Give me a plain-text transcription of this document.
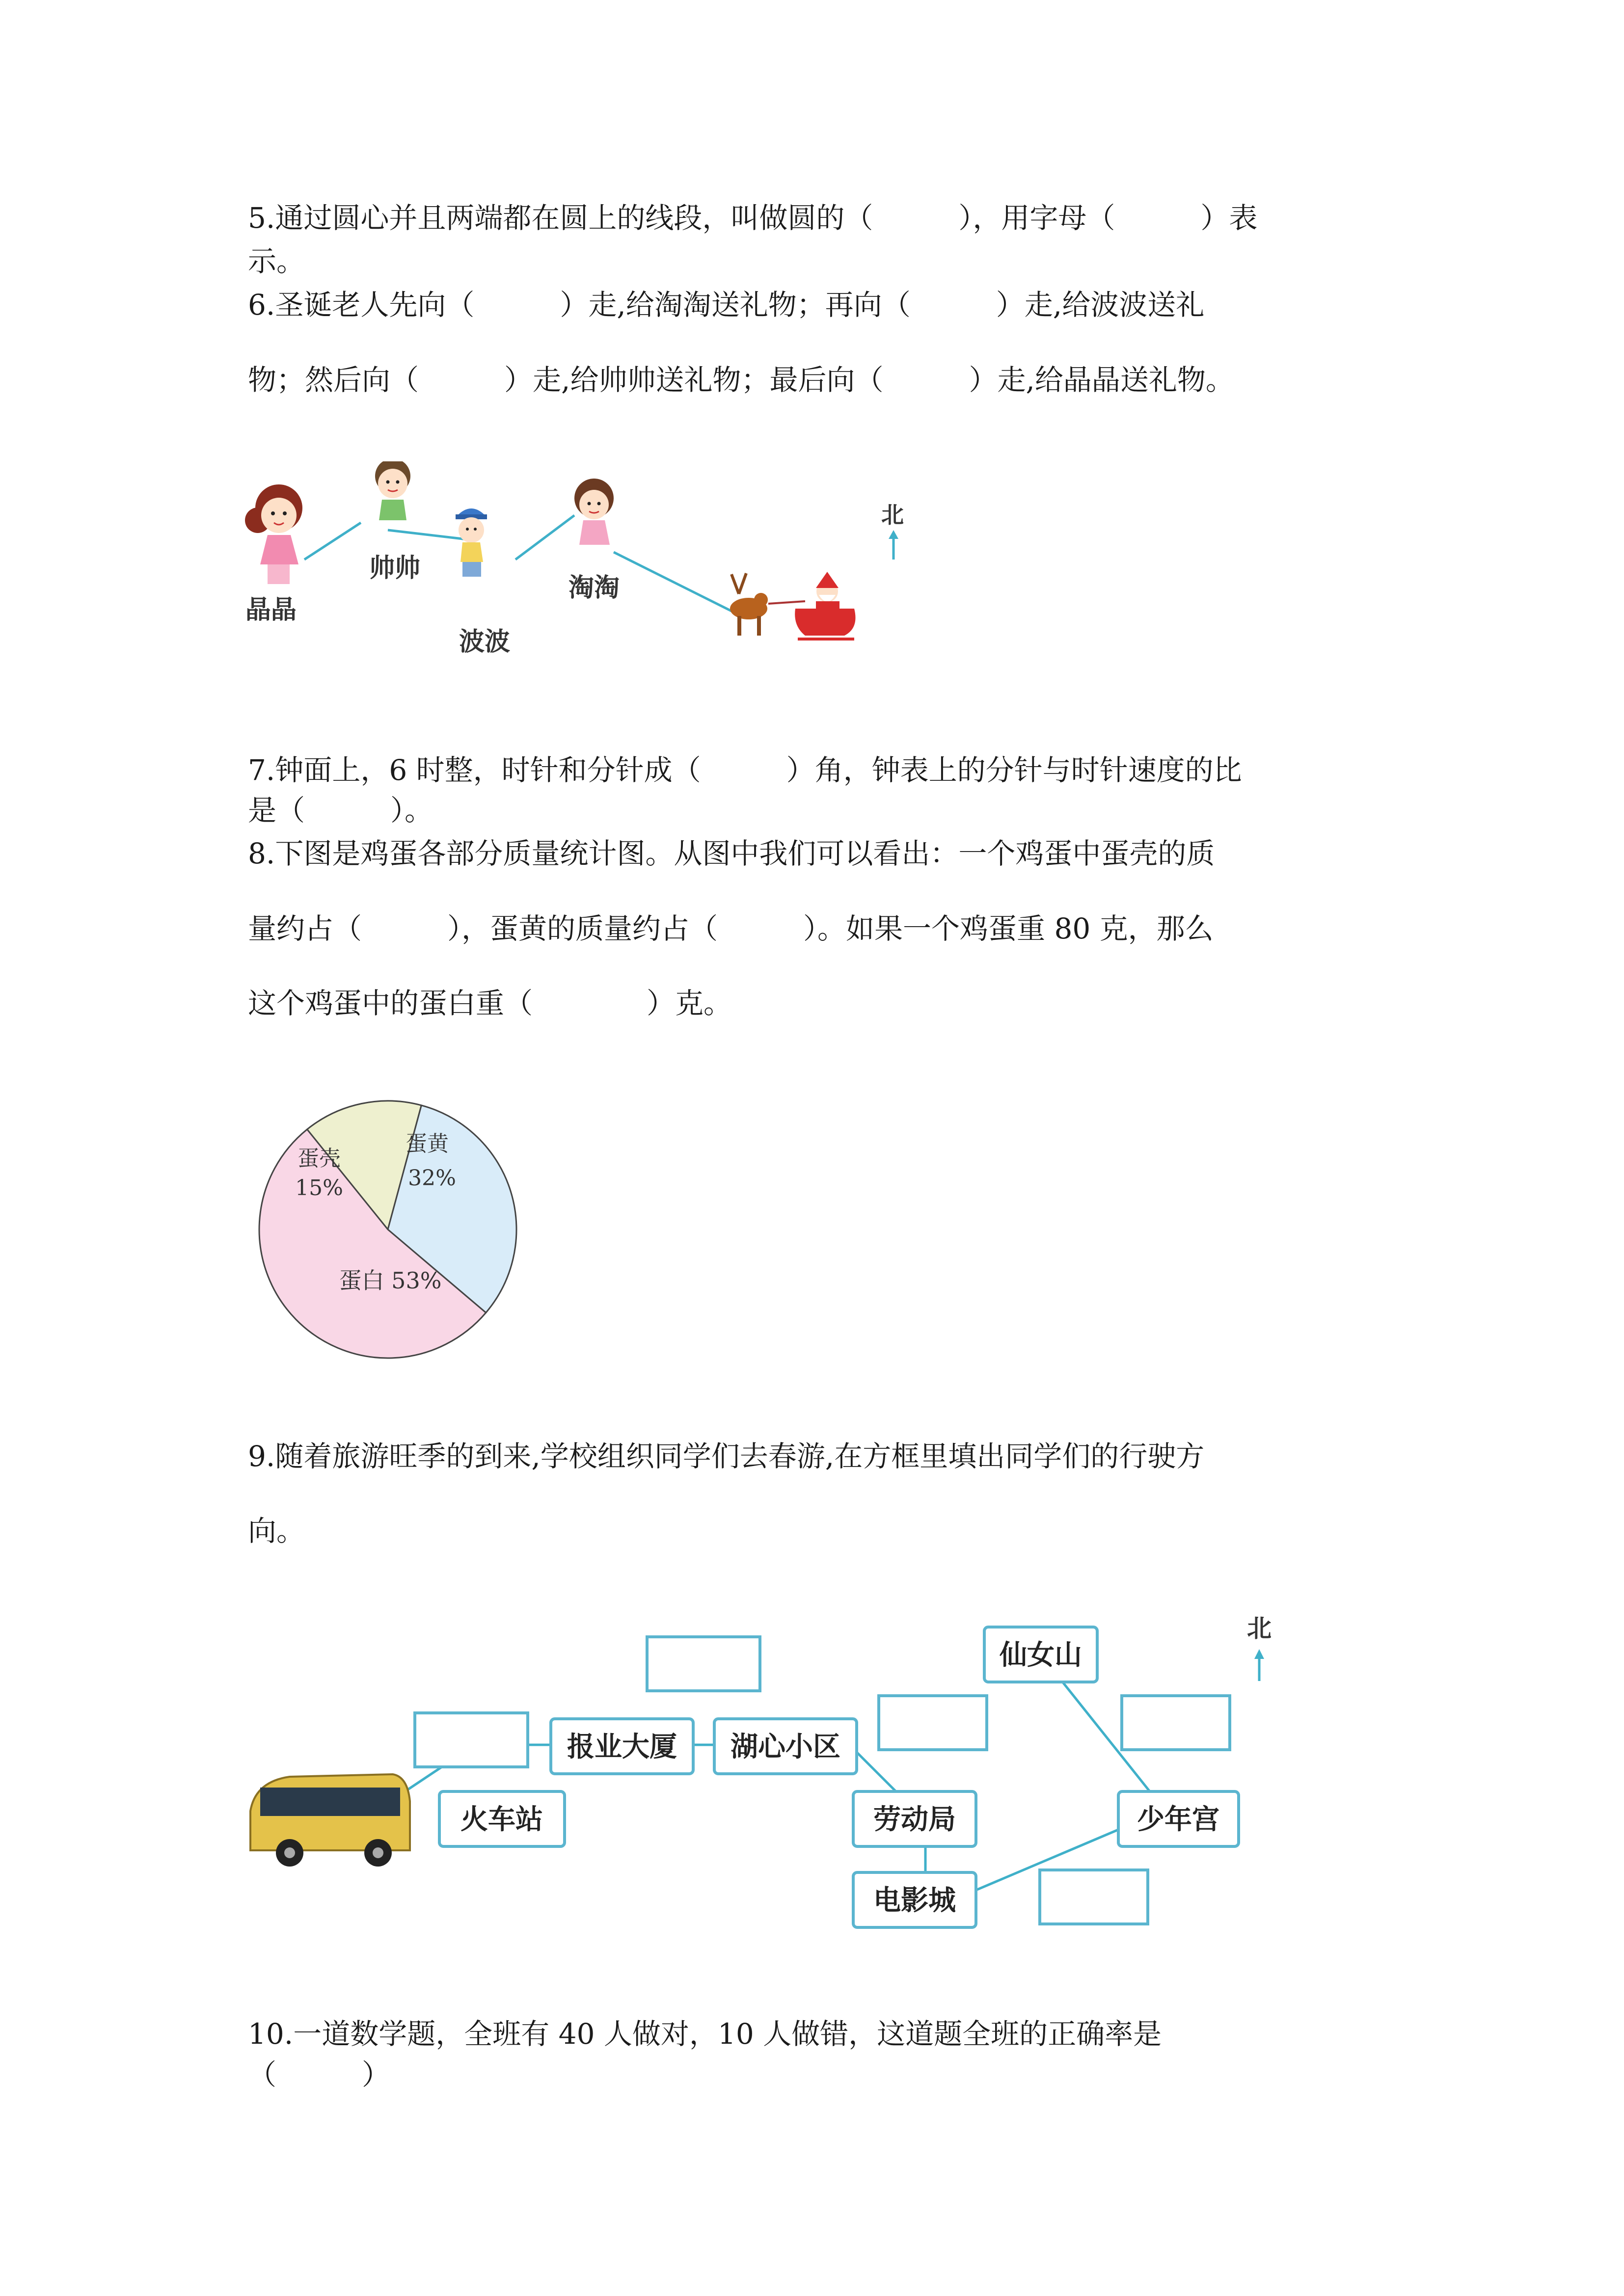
5.通过圆心并且两端都在圆上的线段，叫做圆的（　　　），用字母（　　　）表

示。

6.圣诞老人先向（　　　）走,给淘淘送礼物；再向（　　　）走,给波波送礼

物；然后向（　　　）走,给帅帅送礼物；最后向（　　　）走,给晶晶送礼物。

晶晶
帅帅
波波
淘淘
北

7.钟面上，6 时整，时针和分针成（　　　）角，钟表上的分针与时针速度的比

是（　　　）。

8.下图是鸡蛋各部分质量统计图。从图中我们可以看出：一个鸡蛋中蛋壳的质

量约占（　　　），蛋黄的质量约占（　　　）。如果一个鸡蛋重 80 克，那么

这个鸡蛋中的蛋白重（　　　　）克。

蛋壳
15%
蛋黄
32%
蛋白 53%

9.随着旅游旺季的到来,学校组织同学们去春游,在方框里填出同学们的行驶方

向。

火车站
报业大厦 湖心小区
劳动局
电影城
少年宫
仙女山
北

10.一道数学题，全班有 40 人做对，10 人做错，这道题全班的正确率是

（　　　）
